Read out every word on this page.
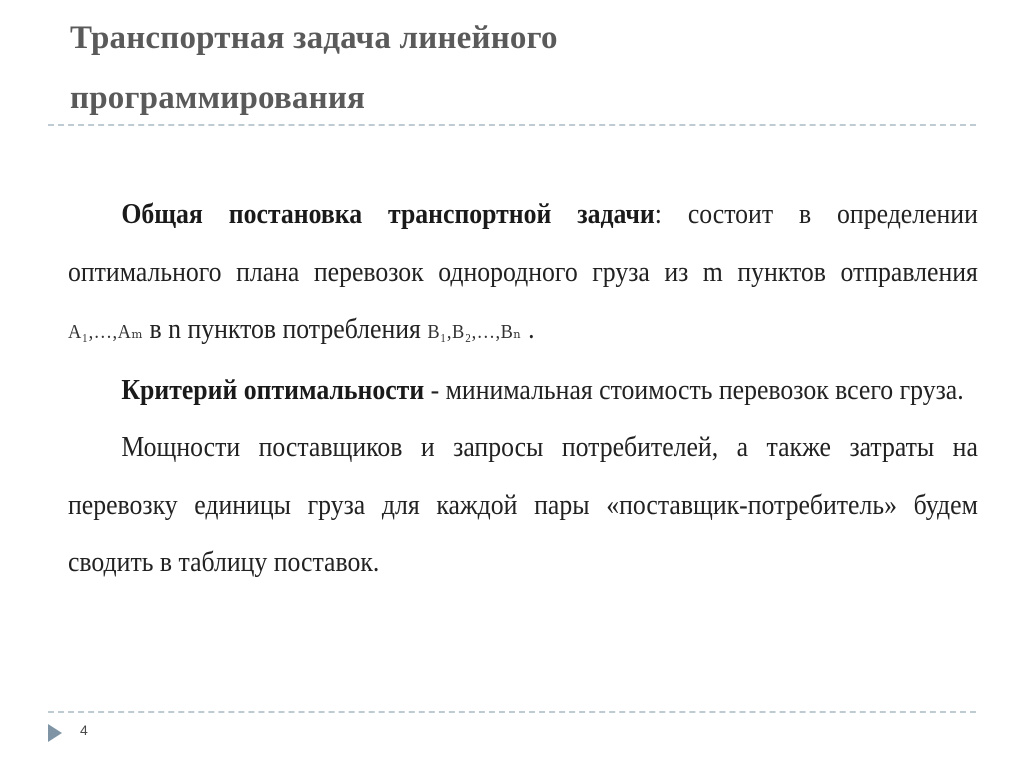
Транспортная задача линейного
программирования

Общая постановка транспортной задачи: состоит в определении оптимального плана перевозок однородного груза из m пунктов отправления A₁,…,Aₘ в n пунктов потребления B₁,B₂,…,Bₙ .

Критерий оптимальности - минимальная стоимость перевозок всего груза.

Мощности поставщиков и запросы потребителей, а также затраты на перевозку единицы груза для каждой пары «поставщик-потребитель» будем сводить в таблицу поставок.

4
